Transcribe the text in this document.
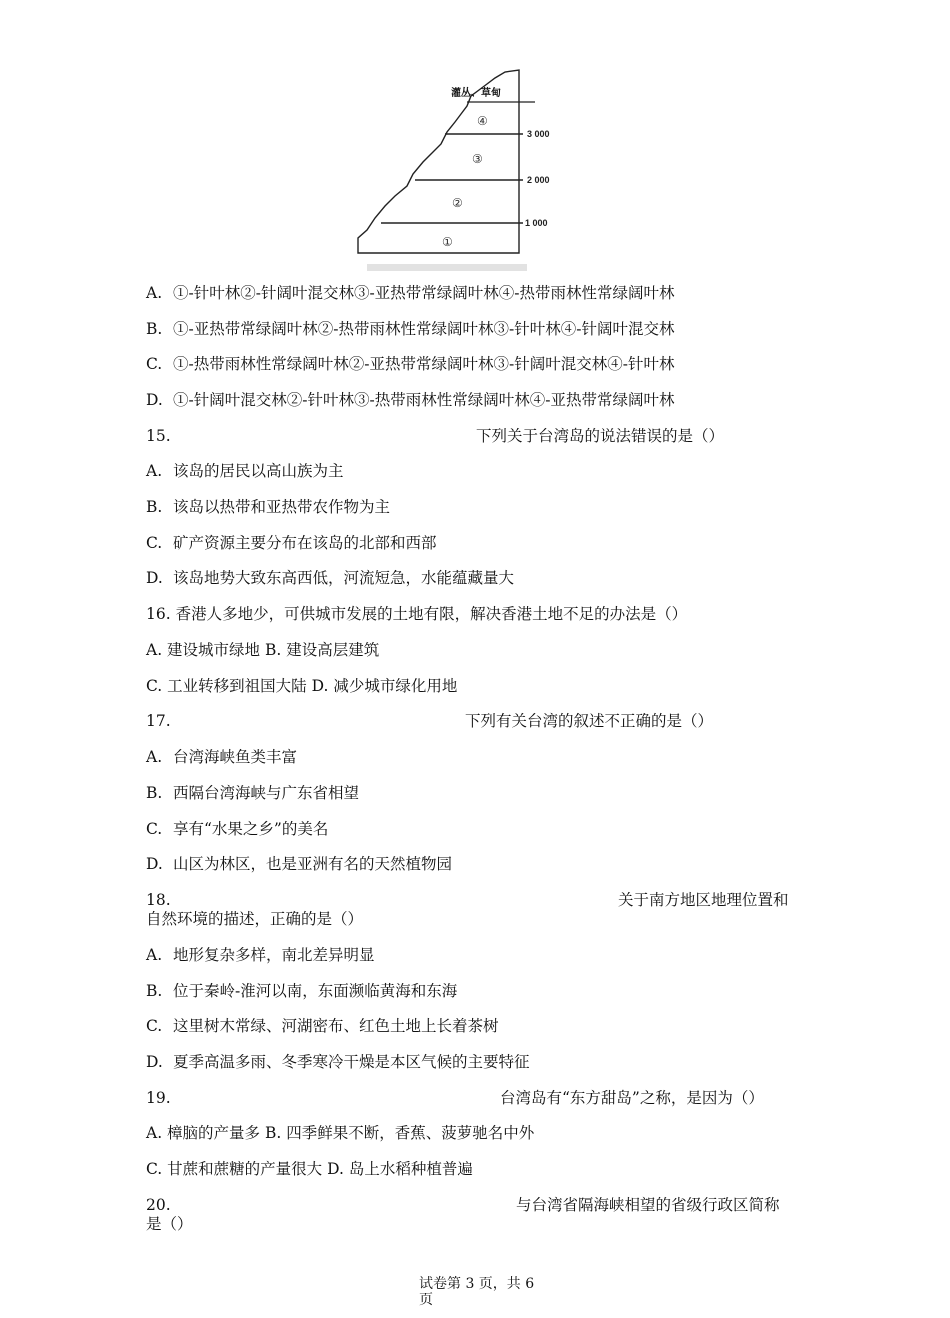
灌丛、草甸
④
③
②
①
3 000
2 000
1 000
A. ①-针叶林②-针阔叶混交林③-亚热带常绿阔叶林④-热带雨林性常绿阔叶林
B. ①-亚热带常绿阔叶林②-热带雨林性常绿阔叶林③-针叶林④-针阔叶混交林
C. ①-热带雨林性常绿阔叶林②-亚热带常绿阔叶林③-针阔叶混交林④-针叶林
D. ①-针阔叶混交林②-针叶林③-热带雨林性常绿阔叶林④-亚热带常绿阔叶林
15.	下列关于台湾岛的说法错误的是（）
A. 该岛的居民以高山族为主
B. 该岛以热带和亚热带农作物为主
C. 矿产资源主要分布在该岛的北部和西部
D. 该岛地势大致东高西低，河流短急，水能蕴藏量大
16. 香港人多地少，可供城市发展的土地有限，解决香港土地不足的办法是（）
A. 建设城市绿地 B. 建设高层建筑
C. 工业转移到祖国大陆 D. 减少城市绿化用地
17.	下列有关台湾的叙述不正确的是（）
A. 台湾海峡鱼类丰富
B. 西隔台湾海峡与广东省相望
C. 享有“水果之乡”的美名
D. 山区为林区，也是亚洲有名的天然植物园
18.	关于南方地区地理位置和
自然环境的描述，正确的是（）
A. 地形复杂多样，南北差异明显
B. 位于秦岭-淮河以南，东面濒临黄海和东海
C. 这里树木常绿、河湖密布、红色土地上长着茶树
D. 夏季高温多雨、冬季寒冷干燥是本区气候的主要特征
19.	台湾岛有“东方甜岛”之称，是因为（）
A. 樟脑的产量多 B. 四季鲜果不断，香蕉、菠萝驰名中外
C. 甘蔗和蔗糖的产量很大 D. 岛上水稻种植普遍
20.	与台湾省隔海峡相望的省级行政区简称
是（）
试卷第 3 页，共 6
页
